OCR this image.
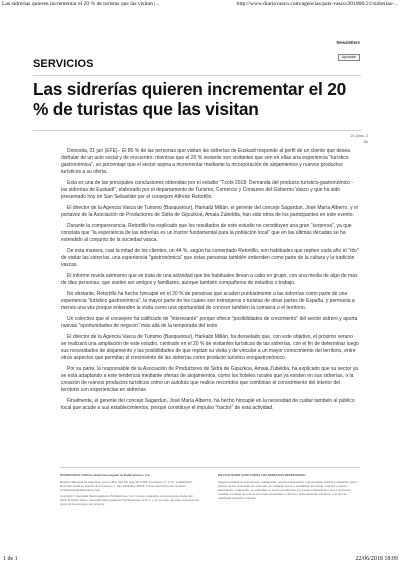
Las sidrerías quieren incrementar el 20 % de turistas que las visitan |...	http://www.diariovasco.com/agencias/pais-vasco/201806/21/sidrerias-...
Newsletters
Apuntate
SERVICIOS
Las sidrerías quieren incrementar el 20 % de turistas que las visitan
21 junio, 2
Se

Donostia, 21 jun (EFE).- El 80 % de las personas que visitan las sidrerías de Euskadi responde al perfil de un cliente que desea disfrutar de un acto social y de encuentro, mientras que el 20 % restante son visitantes que ven en ellas una experiencia "turístico gastronómica", un porcentaje que el sector aspira a incrementar mediante la incorporación de alojamientos y nuevos productos turísticos a su oferta.

Esta es una de las principales conclusiones obtenidas por el estudio "Txotx 2018: Demanda del producto turístico-gastronómico - las sidrerías de Euskadi", elaborado por el departamento de Turismo, Comercio y Consumo del Gobierno Vasco y que ha sido presentado hoy en San Sebastián por el consejero Alfredo Retortillo.

El director de la Agencia Vasca de Turismo (Basquetour), Harkaitz Millán, el gerente del concejo Sagardun, José María Alberro, y el portavoz de la Asociación de Productores de Sidra de Gipuzkoa, Amaia Zubeldia, han sido otros de los participantes en este evento.

Durante la comparecencia, Retortillo ha explicado que los resultados de este estudio no constituyen una gran "sorpresa", ya que constata que "la experiencia de las sidrerías es un tractor fundamental para la población local" que en las últimas décadas se ha extendido al conjunto de la sociedad vasca.

De esta manera, casi la mitad de los clientes, un 44 %, según ha comentado Retortillo, son habituales que repiten cada año el "rito" de visitar las sidrerías, una experiencia "gastronómica" que estas personas también entienden como parte de la cultura y la tradición vascas.

El informe revela asimismo que se trata de una actividad que los habituales llevan a cabo en grupo, con una media de algo de más de diez personas, que suelen ser amigos y familiares, aunque también compañeros de estudios o trabajo.

No obstante, Retortillo ha hecho hincapié en el 20 % de personas que acuden puntualmente a las sidrerías como parte de una experiencia "turístico gastronómica", la mayor parte de los cuales son extranjeros o turistas de otras partes de España, y permacta a menos una vez porque entienden la visita como una oportunidad de conocer también la comarca o el territorio.

Un colectivo que el consejero ha calificado de "interesante" porque ofrece "posibilidades de crecimiento" del sector sidrero y aporta nuevas "oportunidades de negocio" más allá de la temporada del txotx.

El director de la Agencia Vasca de Turismo (Basquetour), Harkaitz Millán, ha desvelado que, con este objetivo, el próximo verano se realizará una ampliación de este estudio, centrado en el 20 % de visitantes turísticos de las sidrerías, con el fin de determinar luego sus necesidades de alojamiento y las posibilidades de que repitan su visita y de vincular a un mayor conocimiento del territorio, entre otros aspectos que permitan el crecimiento de las sidrerías como producto turístico enogastronómico.

Por su parte, la responsable de la Asociación de Productores de Sidra de Gipuzkoa, Amaia Zubeldia, ha explicado que su sector ya se está adaptando a este tendencia mediante ofertas de alojamientos, como los hoteles rurales que ya existen en sus sidrerías, o la creación de nuevos productos turísticos como un autobús que realice recorridos que combinan el conocimiento del interior del territorio con experiencias en sidrerías.

Finalmente, el gerente del concejo Sagardun, José María Alberro, ha hecho hincapié en la necesidad de cuidar también al público local que acude a sus establecimientos, porque constituye el impulso "tractor" de esta actividad.

DIARIOVASCO.COM Sociedad Vascongada de Publicaciones, S.A.

Registro Mercantil de Gipuzkoa, tomo 1.616, folio 80, hoja SS-2.564. Inscripción 1ª. C.I.F.: A-20004073. Domicilio social en Camino de Portuetxe, 2. San Sebastián 20018. Correo electrónico de contacto: contactoweb@diariovasco.com

Copyright © Sociedad Vascongada de Publicaciones, S.A. Incluye contenidos de la empresa citada, del diario El Diario Vasco, Sociedad Vascongada de Publicaciones, S.A.U., y, en su caso, de otras empresas del grupo de la empresa o de terceros.

EN CUALQUIER CASO TODOS LOS DERECHOS RESERVADOS:

Queda prohibida la reproducción, distribución, puesta a disposición, comunicación pública y utilización total o parcial, de los contenidos de esta web, en cualquier forma o modalidad, sin previa, expresa y escrita autorización, incluyendo, en particular, su mera reproducción y/o puesta a disposición como resúmenes, reseñas o revistas de prensa con fines comerciales o directa o indirectamente lucrativos, a la que se manifiesta oposición expresa.

1 de 1	22/06/2018 18:09
